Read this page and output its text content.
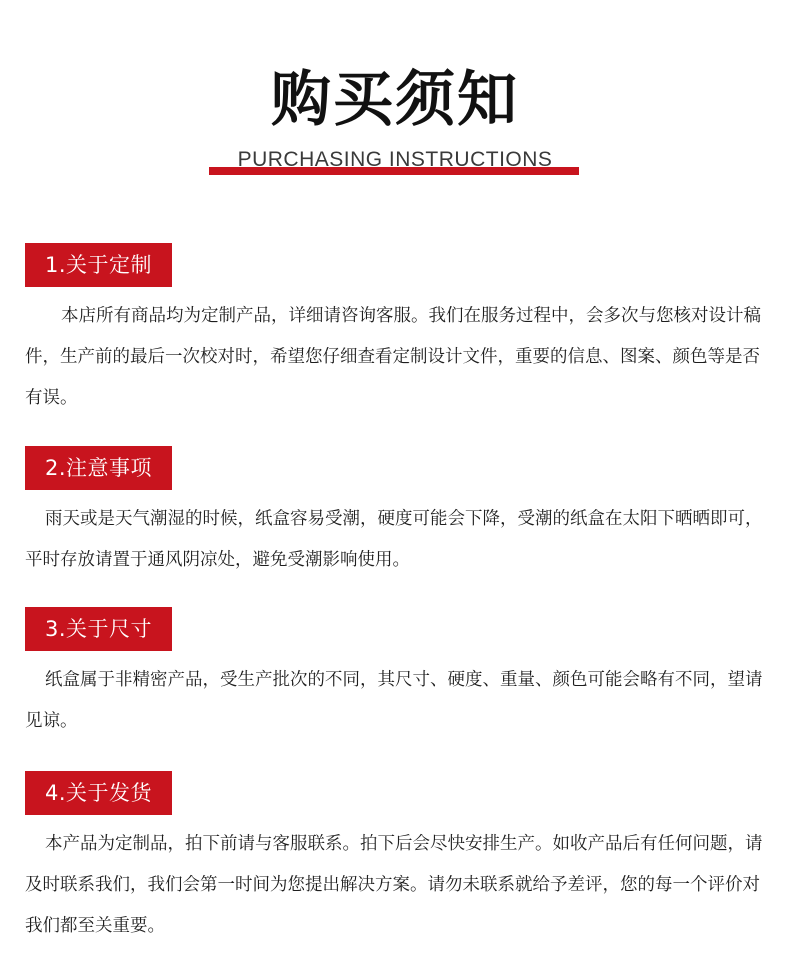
购买须知
PURCHASING INSTRUCTIONS
1.关于定制

本店所有商品均为定制产品，详细请咨询客服。我们在服务过程中，会多次与您核对设计稿件，生产前的最后一次校对时，希望您仔细查看定制设计文件，重要的信息、图案、颜色等是否有误。

2.注意事项

雨天或是天气潮湿的时候，纸盒容易受潮，硬度可能会下降，受潮的纸盒在太阳下晒晒即可，平时存放请置于通风阴凉处，避免受潮影响使用。

3.关于尺寸

纸盒属于非精密产品，受生产批次的不同，其尺寸、硬度、重量、颜色可能会略有不同，望请见谅。

4.关于发货

本产品为定制品，拍下前请与客服联系。拍下后会尽快安排生产。如收产品后有任何问题，请及时联系我们，我们会第一时间为您提出解决方案。请勿未联系就给予差评，您的每一个评价对我们都至关重要。
